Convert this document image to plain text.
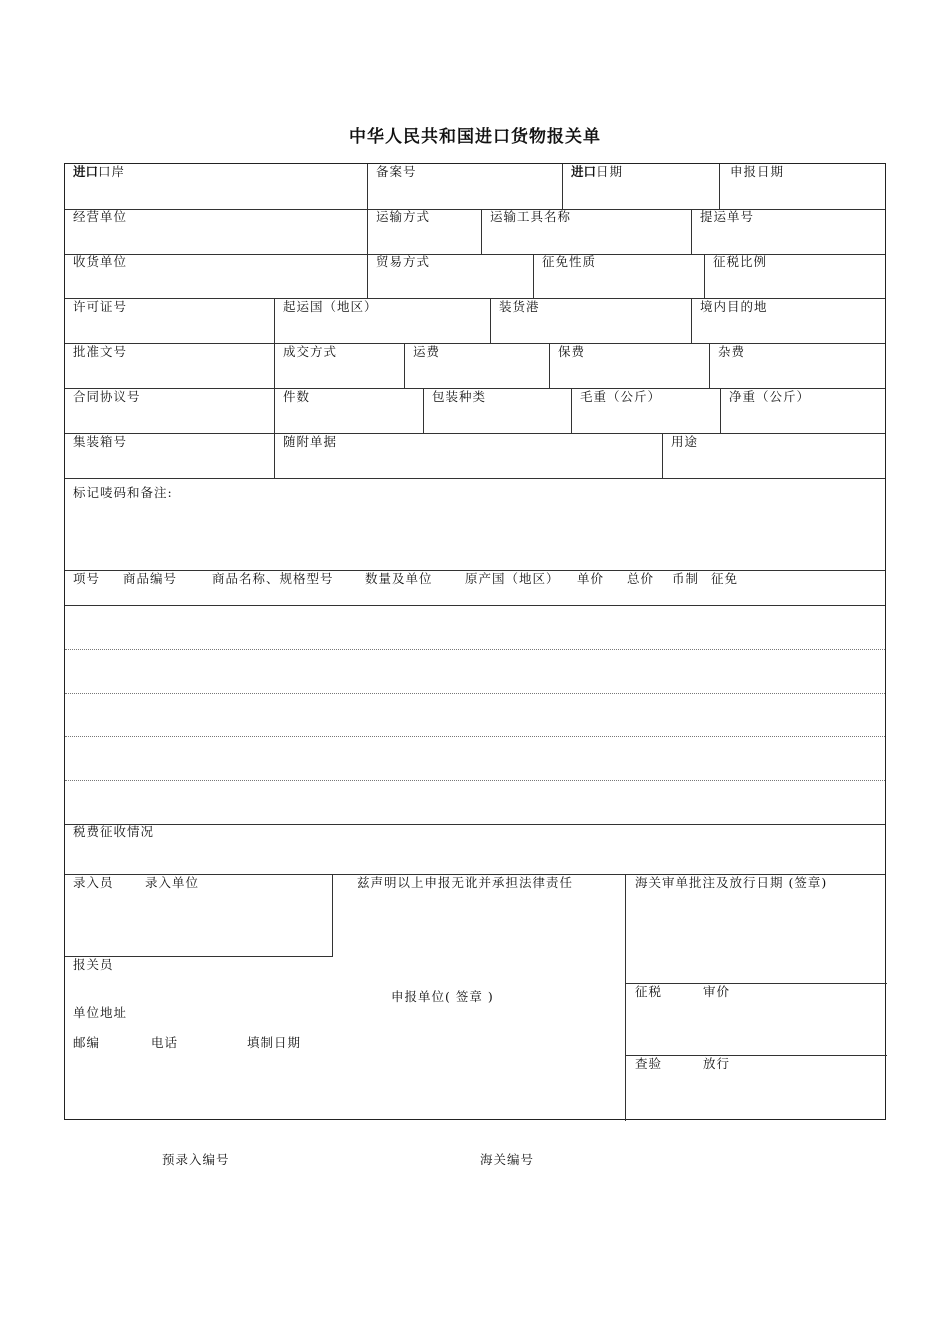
中华人民共和国进口货物报关单
进口口岸	备案号	进口日期	申报日期
经营单位	运输方式	运输工具名称	提运单号
收货单位	贸易方式	征免性质	征税比例
许可证号	起运国（地区）	装货港	境内目的地
批准文号	成交方式	运费	保费	杂费
合同协议号	件数	包装种类	毛重（公斤）	净重（公斤）
集装箱号	随附单据	用途
标记唛码和备注:
项号 商品编号	商品名称、规格型号	数量及单位	原产国（地区） 单价 总价 币制 征免
税费征收情况
录入员	录入单位	兹声明以上申报无讹并承担法律责任	海关审单批注及放行日期 (签章)
报关员
申报单位( 签章 )	征税	审价
单位地址
邮编	电话	填制日期
查验	放行
预录入编号	海关编号
